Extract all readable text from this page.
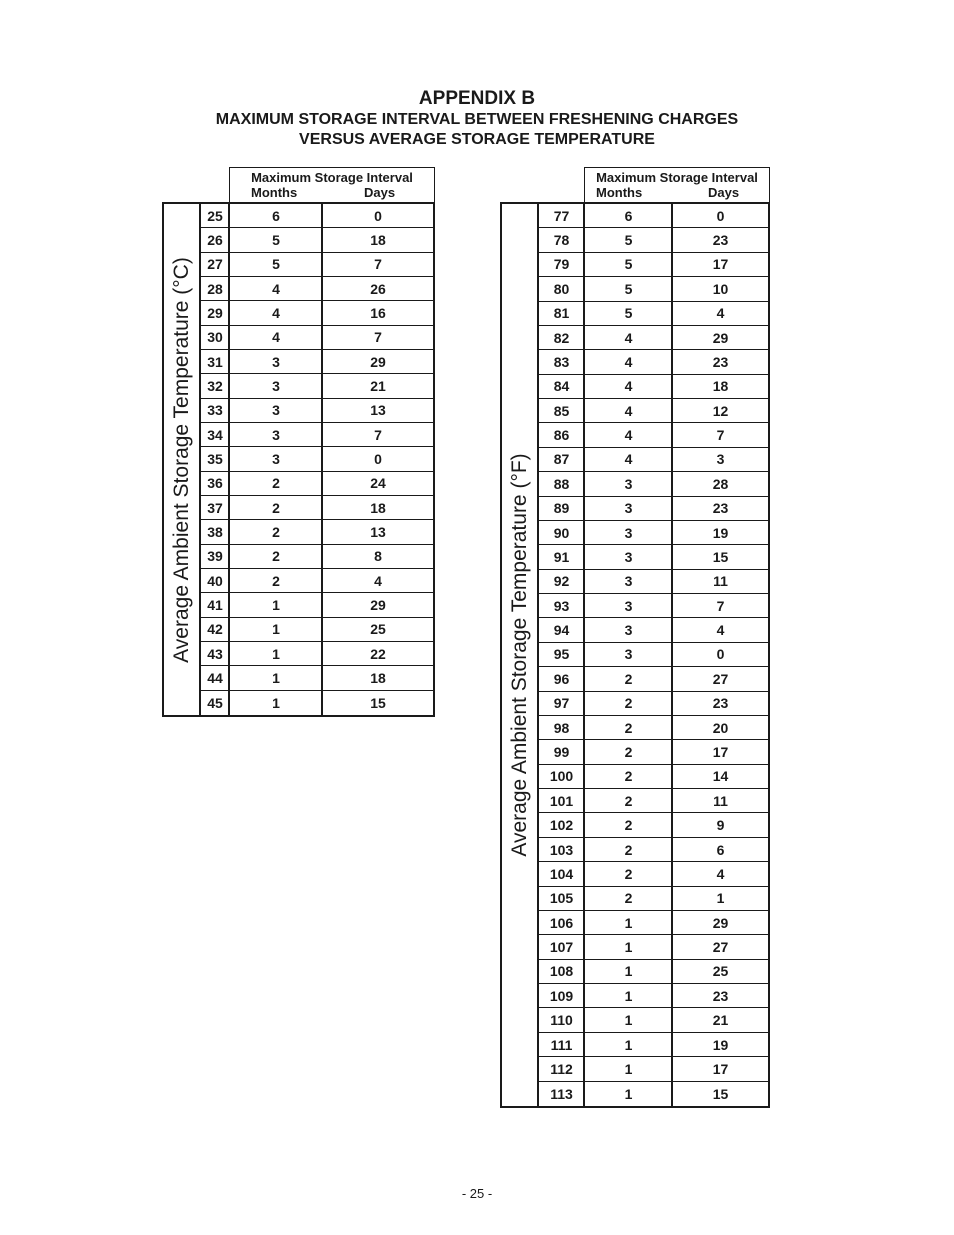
APPENDIX B
MAXIMUM STORAGE INTERVAL BETWEEN FRESHENING CHARGES
VERSUS AVERAGE STORAGE TEMPERATURE
Maximum Storage Interval
Months	Days
Average Ambient Storage Temperature (°C)
25	6	0
26	5	18
27	5	7
28	4	26
29	4	16
30	4	7
31	3	29
32	3	21
33	3	13
34	3	7
35	3	0
36	2	24
37	2	18
38	2	13
39	2	8
40	2	4
41	1	29
42	1	25
43	1	22
44	1	18
45	1	15
Maximum Storage Interval
Months	Days
Average Ambient Storage Temperature (°F)
77	6	0
78	5	23
79	5	17
80	5	10
81	5	4
82	4	29
83	4	23
84	4	18
85	4	12
86	4	7
87	4	3
88	3	28
89	3	23
90	3	19
91	3	15
92	3	11
93	3	7
94	3	4
95	3	0
96	2	27
97	2	23
98	2	20
99	2	17
100	2	14
101	2	11
102	2	9
103	2	6
104	2	4
105	2	1
106	1	29
107	1	27
108	1	25
109	1	23
110	1	21
111	1	19
112	1	17
113	1	15
- 25 -
